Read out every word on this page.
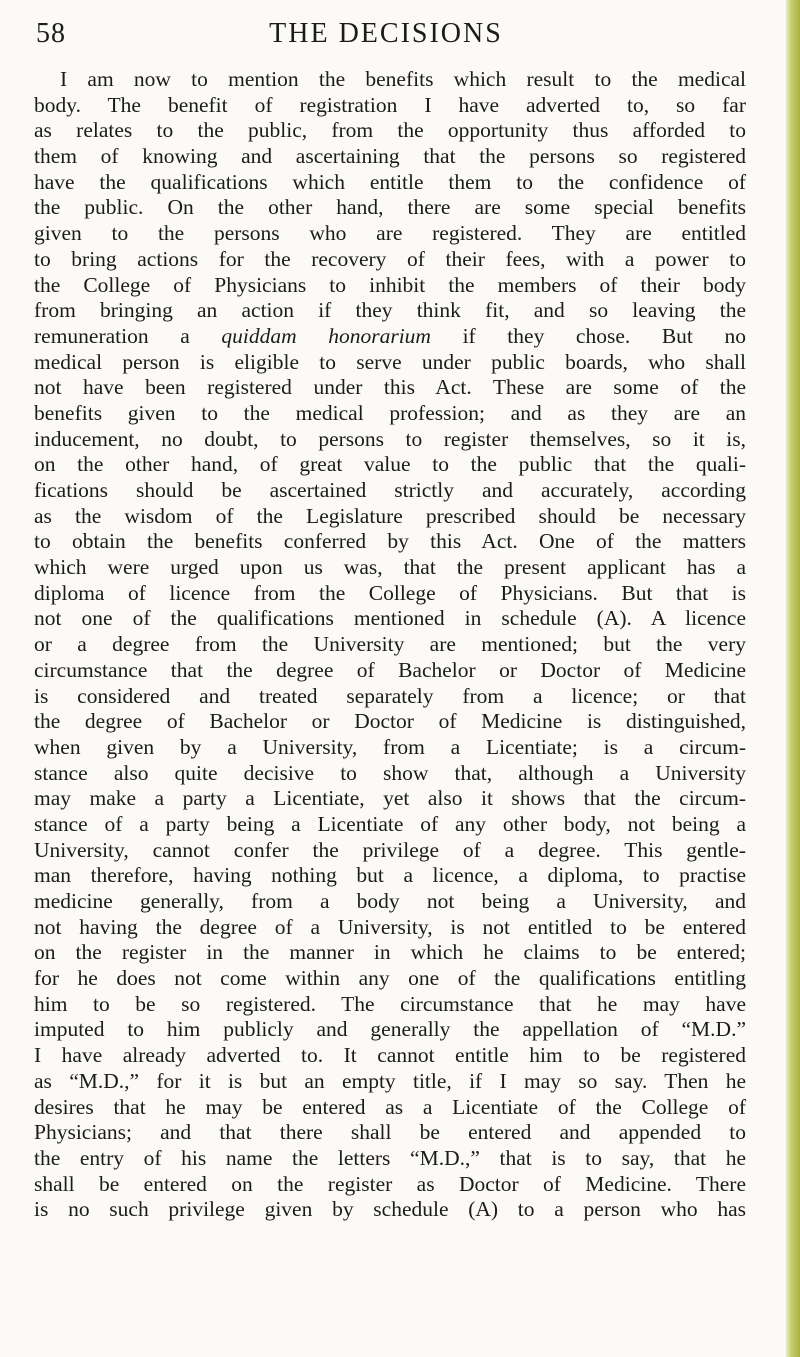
58	THE DECISIONS
I am now to mention the benefits which result to the medical
body. The benefit of registration I have adverted to, so far
as relates to the public, from the opportunity thus afforded to
them of knowing and ascertaining that the persons so registered
have the qualifications which entitle them to the confidence of
the public. On the other hand, there are some special benefits
given to the persons who are registered. They are entitled
to bring actions for the recovery of their fees, with a power to
the College of Physicians to inhibit the members of their body
from bringing an action if they think fit, and so leaving the
remuneration a quiddam honorarium if they chose. But no
medical person is eligible to serve under public boards, who shall
not have been registered under this Act. These are some of the
benefits given to the medical profession; and as they are an
inducement, no doubt, to persons to register themselves, so it is,
on the other hand, of great value to the public that the quali-
fications should be ascertained strictly and accurately, according
as the wisdom of the Legislature prescribed should be necessary
to obtain the benefits conferred by this Act. One of the matters
which were urged upon us was, that the present applicant has a
diploma of licence from the College of Physicians. But that is
not one of the qualifications mentioned in schedule (A). A licence
or a degree from the University are mentioned; but the very
circumstance that the degree of Bachelor or Doctor of Medicine
is considered and treated separately from a licence; or that
the degree of Bachelor or Doctor of Medicine is distinguished,
when given by a University, from a Licentiate; is a circum-
stance also quite decisive to show that, although a University
may make a party a Licentiate, yet also it shows that the circum-
stance of a party being a Licentiate of any other body, not being a
University, cannot confer the privilege of a degree. This gentle-
man therefore, having nothing but a licence, a diploma, to practise
medicine generally, from a body not being a University, and
not having the degree of a University, is not entitled to be entered
on the register in the manner in which he claims to be entered;
for he does not come within any one of the qualifications entitling
him to be so registered. The circumstance that he may have
imputed to him publicly and generally the appellation of “M.D.”
I have already adverted to. It cannot entitle him to be registered
as “M.D.,” for it is but an empty title, if I may so say. Then he
desires that he may be entered as a Licentiate of the College of
Physicians; and that there shall be entered and appended to
the entry of his name the letters “M.D.,” that is to say, that he
shall be entered on the register as Doctor of Medicine. There
is no such privilege given by schedule (A) to a person who has
